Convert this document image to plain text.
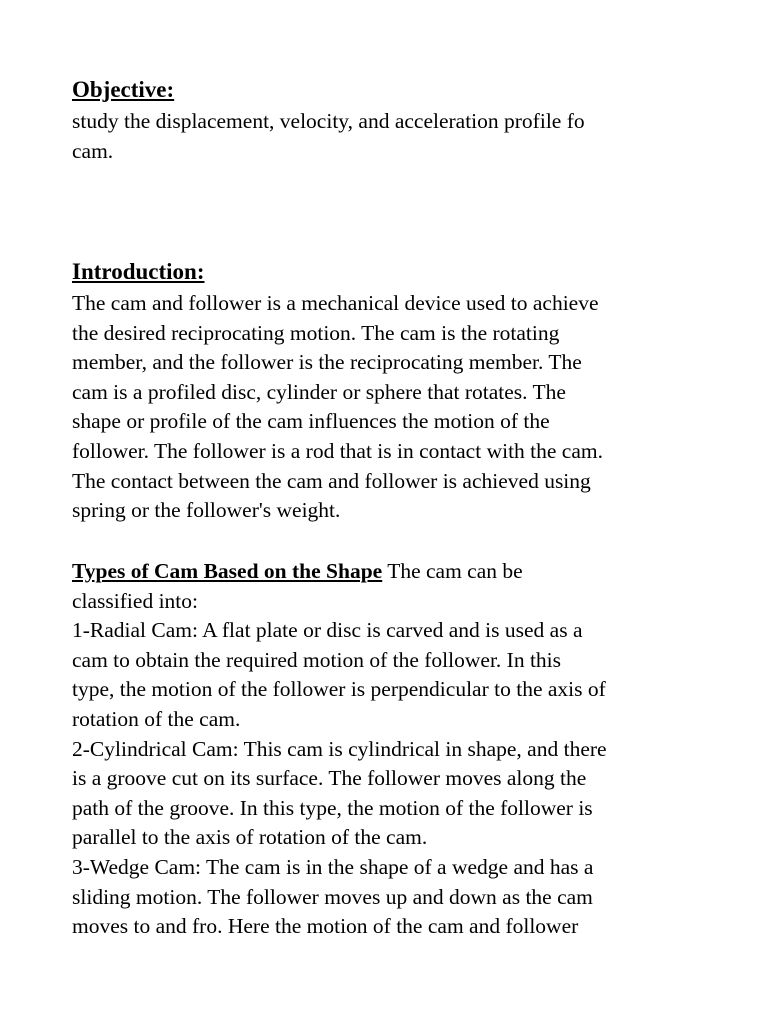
Objective:
study the displacement, velocity, and acceleration profile fo
cam.
Introduction:
The cam and follower is a mechanical device used to achieve
the desired reciprocating motion. The cam is the rotating
member, and the follower is the reciprocating member. The
cam is a profiled disc, cylinder or sphere that rotates. The
shape or profile of the cam influences the motion of the
follower. The follower is a rod that is in contact with the cam.
The contact between the cam and follower is achieved using
spring or the follower's weight.
Types of Cam Based on the Shape The cam can be
classified into:
1-Radial Cam: A flat plate or disc is carved and is used as a
cam to obtain the required motion of the follower. In this
type, the motion of the follower is perpendicular to the axis of
rotation of the cam.
2-Cylindrical Cam: This cam is cylindrical in shape, and there
is a groove cut on its surface. The follower moves along the
path of the groove. In this type, the motion of the follower is
parallel to the axis of rotation of the cam.
3-Wedge Cam: The cam is in the shape of a wedge and has a
sliding motion. The follower moves up and down as the cam
moves to and fro. Here the motion of the cam and follower
